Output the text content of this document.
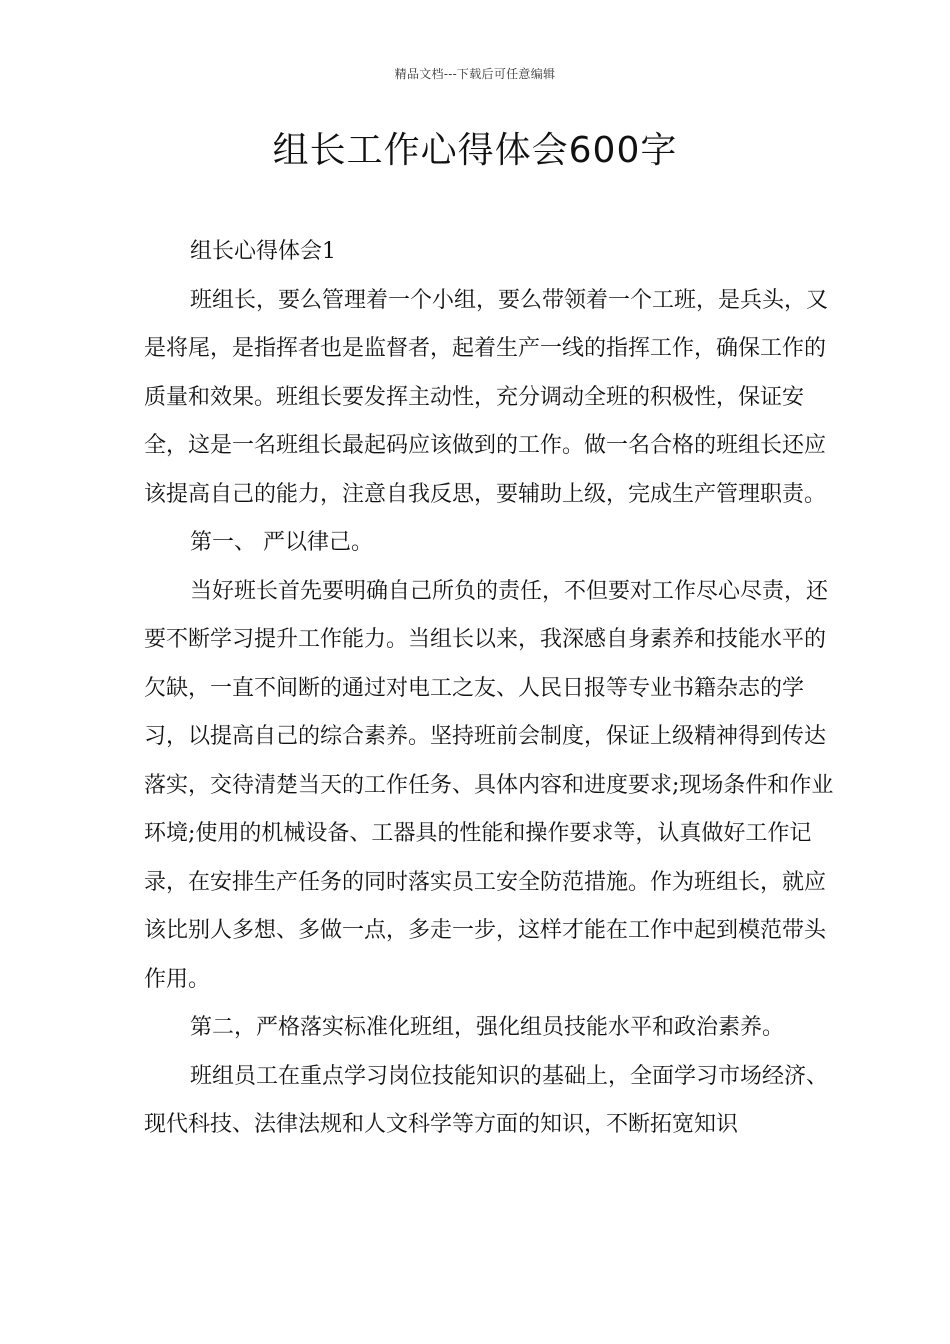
精品文档---下载后可任意编辑
组长工作心得体会600字

组长心得体会1

班组长，要么管理着一个小组，要么带领着一个工班，是兵头，又是将尾，是指挥者也是监督者，起着生产一线的指挥工作，确保工作的质量和效果。班组长要发挥主动性，充分调动全班的积极性，保证安全，这是一名班组长最起码应该做到的工作。做一名合格的班组长还应该提高自己的能力，注意自我反思，要辅助上级，完成生产管理职责。

第一、 严以律己。

当好班长首先要明确自己所负的责任，不但要对工作尽心尽责，还要不断学习提升工作能力。当组长以来，我深感自身素养和技能水平的欠缺，一直不间断的通过对电工之友、人民日报等专业书籍杂志的学习，以提高自己的综合素养。坚持班前会制度，保证上级精神得到传达落实，交待清楚当天的工作任务、具体内容和进度要求;现场条件和作业环境;使用的机械设备、工器具的性能和操作要求等，认真做好工作记录，在安排生产任务的同时落实员工安全防范措施。作为班组长，就应该比别人多想、多做一点，多走一步，这样才能在工作中起到模范带头作用。

第二，严格落实标准化班组，强化组员技能水平和政治素养。

班组员工在重点学习岗位技能知识的基础上，全面学习市场经济、现代科技、法律法规和人文科学等方面的知识，不断拓宽知识
